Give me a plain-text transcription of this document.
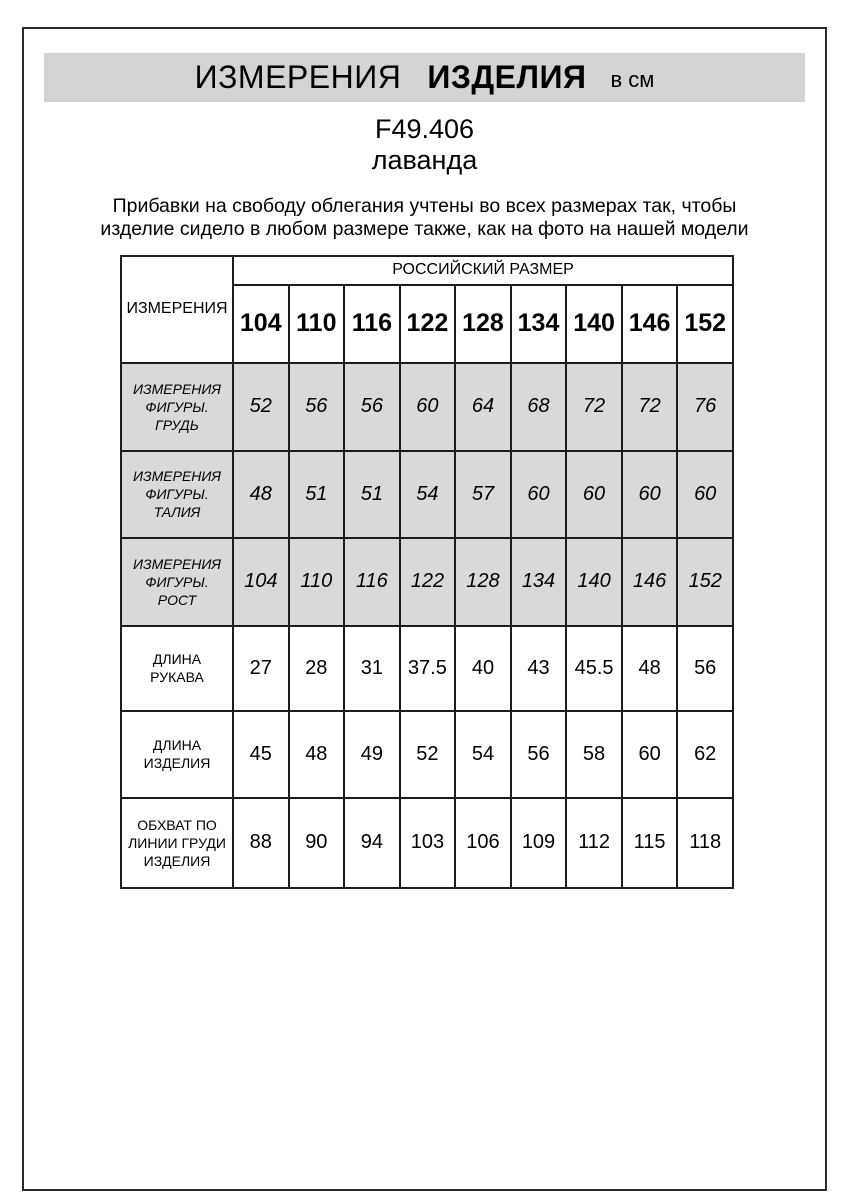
ИЗМЕРЕНИЯ ИЗДЕЛИЯ в см
F49.406
лаванда

Прибавки на свободу облегания учтены во всех размерах так, чтобы изделие сидело в любом размере также, как на фото на нашей модели

ИЗМЕРЕНИЯ	РОССИЙСКИЙ РАЗМЕР								
	104	110	116	122	128	134	140	146	152
ИЗМЕРЕНИЯ ФИГУРЫ. ГРУДЬ	52	56	56	60	64	68	72	72	76
ИЗМЕРЕНИЯ ФИГУРЫ. ТАЛИЯ	48	51	51	54	57	60	60	60	60
ИЗМЕРЕНИЯ ФИГУРЫ. РОСТ	104	110	116	122	128	134	140	146	152
ДЛИНА РУКАВА	27	28	31	37.5	40	43	45.5	48	56
ДЛИНА ИЗДЕЛИЯ	45	48	49	52	54	56	58	60	62
ОБХВАТ ПО ЛИНИИ ГРУДИ ИЗДЕЛИЯ	88	90	94	103	106	109	112	115	118
